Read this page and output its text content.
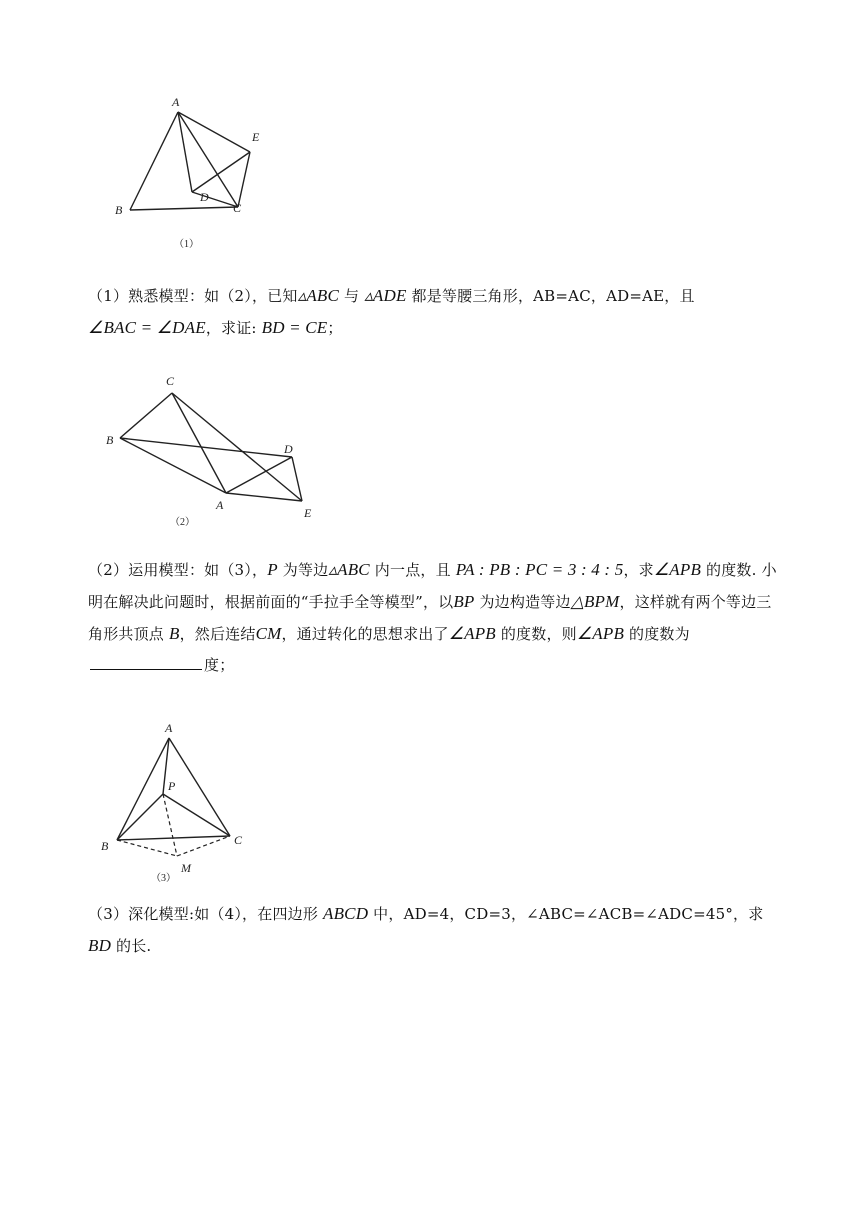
A
B	C
D
E
（1）
（1）熟悉模型：如（2），已知▵ABC 与 ▵ADE 都是等腰三角形，AB=AC，AD=AE，且
∠BAC = ∠DAE，求证: BD = CE；
C
B
D
A
E
（2）
（2）运用模型：如（3），P 为等边▵ABC 内一点，且 PA : PB : PC = 3 : 4 : 5，求∠APB 的度数. 小明在解决此问题时，根据前面的“手拉手全等模型”，以BP 为边构造等边△BPM，这样就有两个等边三角形共顶点 B，然后连结CM，通过转化的思想求出了∠APB 的度数，则∠APB 的度数为度；
A
P
B	C
M
（3）
（3）深化模型:如（4），在四边形 ABCD 中，AD=4，CD=3，∠ABC=∠ACB=∠ADC=45°，求 BD 的长.
